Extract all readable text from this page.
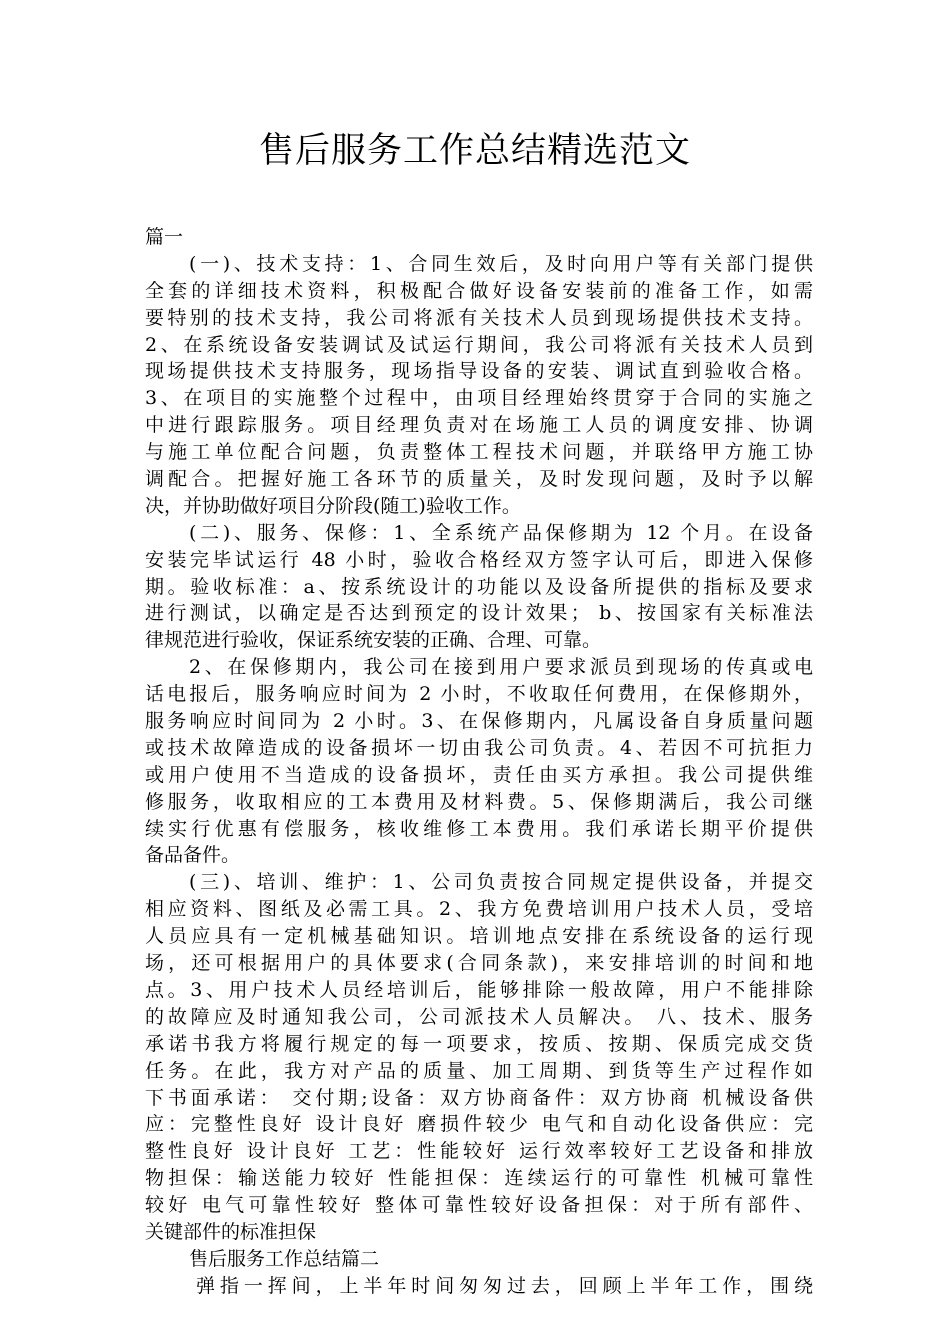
售后服务工作总结精选范文
篇一
(一)、技术支持：1、合同生效后，及时向用户等有关部门提供
全套的详细技术资料，积极配合做好设备安装前的准备工作，如需
要特别的技术支持，我公司将派有关技术人员到现场提供技术支持。
2、在系统设备安装调试及试运行期间，我公司将派有关技术人员到
现场提供技术支持服务，现场指导设备的安装、调试直到验收合格。
3、在项目的实施整个过程中，由项目经理始终贯穿于合同的实施之
中进行跟踪服务。项目经理负责对在场施工人员的调度安排、协调
与施工单位配合问题，负责整体工程技术问题，并联络甲方施工协
调配合。把握好施工各环节的质量关，及时发现问题，及时予以解
决，并协助做好项目分阶段(随工)验收工作。
(二)、服务、保修：1、全系统产品保修期为 12 个月。在设备
安装完毕试运行 48 小时，验收合格经双方签字认可后，即进入保修
期。验收标准：a、按系统设计的功能以及设备所提供的指标及要求
进行测试，以确定是否达到预定的设计效果； b、按国家有关标准法
律规范进行验收，保证系统安装的正确、合理、可靠。
2、在保修期内，我公司在接到用户要求派员到现场的传真或电
话电报后，服务响应时间为 2 小时，不收取任何费用，在保修期外，
服务响应时间同为 2 小时。3、在保修期内，凡属设备自身质量问题
或技术故障造成的设备损坏一切由我公司负责。4、若因不可抗拒力
或用户使用不当造成的设备损坏，责任由买方承担。我公司提供维
修服务，收取相应的工本费用及材料费。5、保修期满后，我公司继
续实行优惠有偿服务，核收维修工本费用。我们承诺长期平价提供
备品备件。
(三)、培训、维护：1、公司负责按合同规定提供设备，并提交
相应资料、图纸及必需工具。2、我方免费培训用户技术人员，受培
人员应具有一定机械基础知识。培训地点安排在系统设备的运行现
场，还可根据用户的具体要求(合同条款)，来安排培训的时间和地
点。3、用户技术人员经培训后，能够排除一般故障，用户不能排除
的故障应及时通知我公司，公司派技术人员解决。 八、技术、服务
承诺书我方将履行规定的每一项要求，按质、按期、保质完成交货
任务。在此，我方对产品的质量、加工周期、到货等生产过程作如
下书面承诺： 交付期;设备：双方协商备件：双方协商 机械设备供
应：完整性良好 设计良好 磨损件较少 电气和自动化设备供应：完
整性良好 设计良好 工艺：性能较好 运行效率较好工艺设备和排放
物担保：输送能力较好 性能担保：连续运行的可靠性 机械可靠性
较好 电气可靠性较好 整体可靠性较好设备担保：对于所有部件、
关键部件的标准担保
售后服务工作总结篇二
弹指一挥间，上半年时间匆匆过去，回顾上半年工作，围绕
